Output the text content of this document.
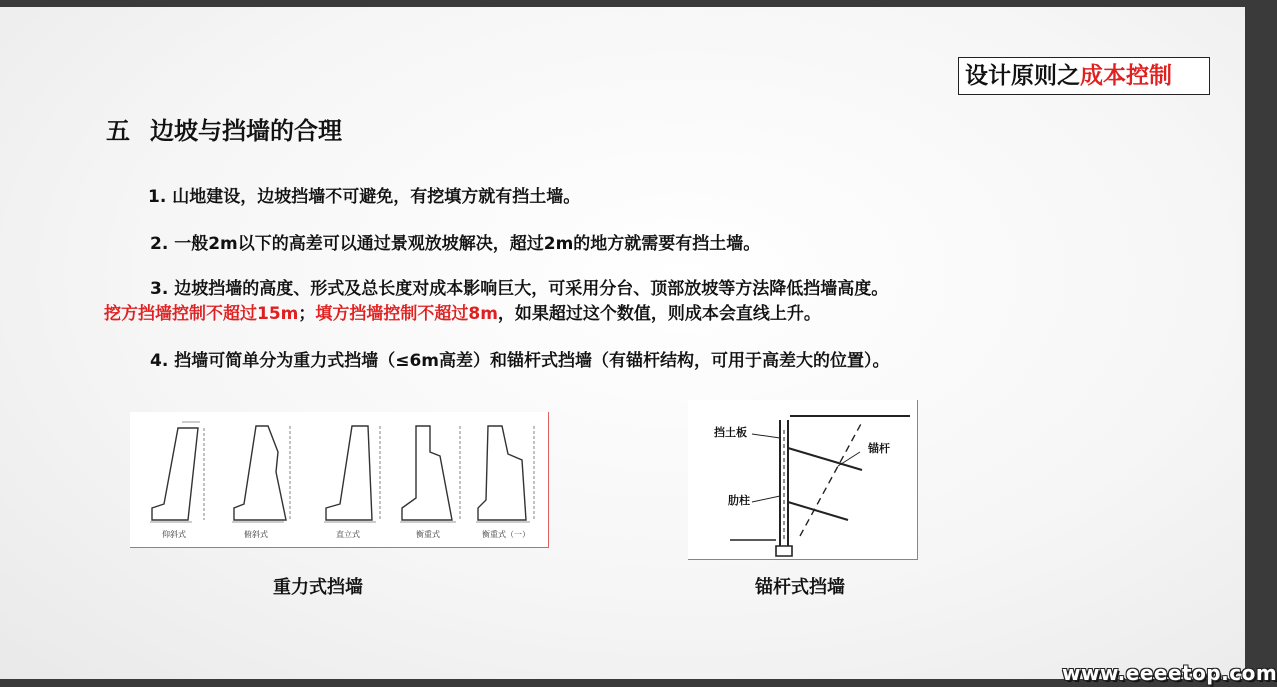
设计原则之成本控制
五 边坡与挡墙的合理
1. 山地建设，边坡挡墙不可避免，有挖填方就有挡土墙。
2. 一般2m以下的高差可以通过景观放坡解决，超过2m的地方就需要有挡土墙。
3. 边坡挡墙的高度、形式及总长度对成本影响巨大，可采用分台、顶部放坡等方法降低挡墙高度。
挖方挡墙控制不超过15m；填方挡墙控制不超过8m，如果超过这个数值，则成本会直线上升。
4. 挡墙可简单分为重力式挡墙（≤6m高差）和锚杆式挡墙（有锚杆结构，可用于高差大的位置）。
仰斜式	俯斜式	直立式	衡重式	衡重式（一）
重力式挡墙
挡土板
锚杆
肋柱
锚杆式挡墙
www.eeeetop.com
